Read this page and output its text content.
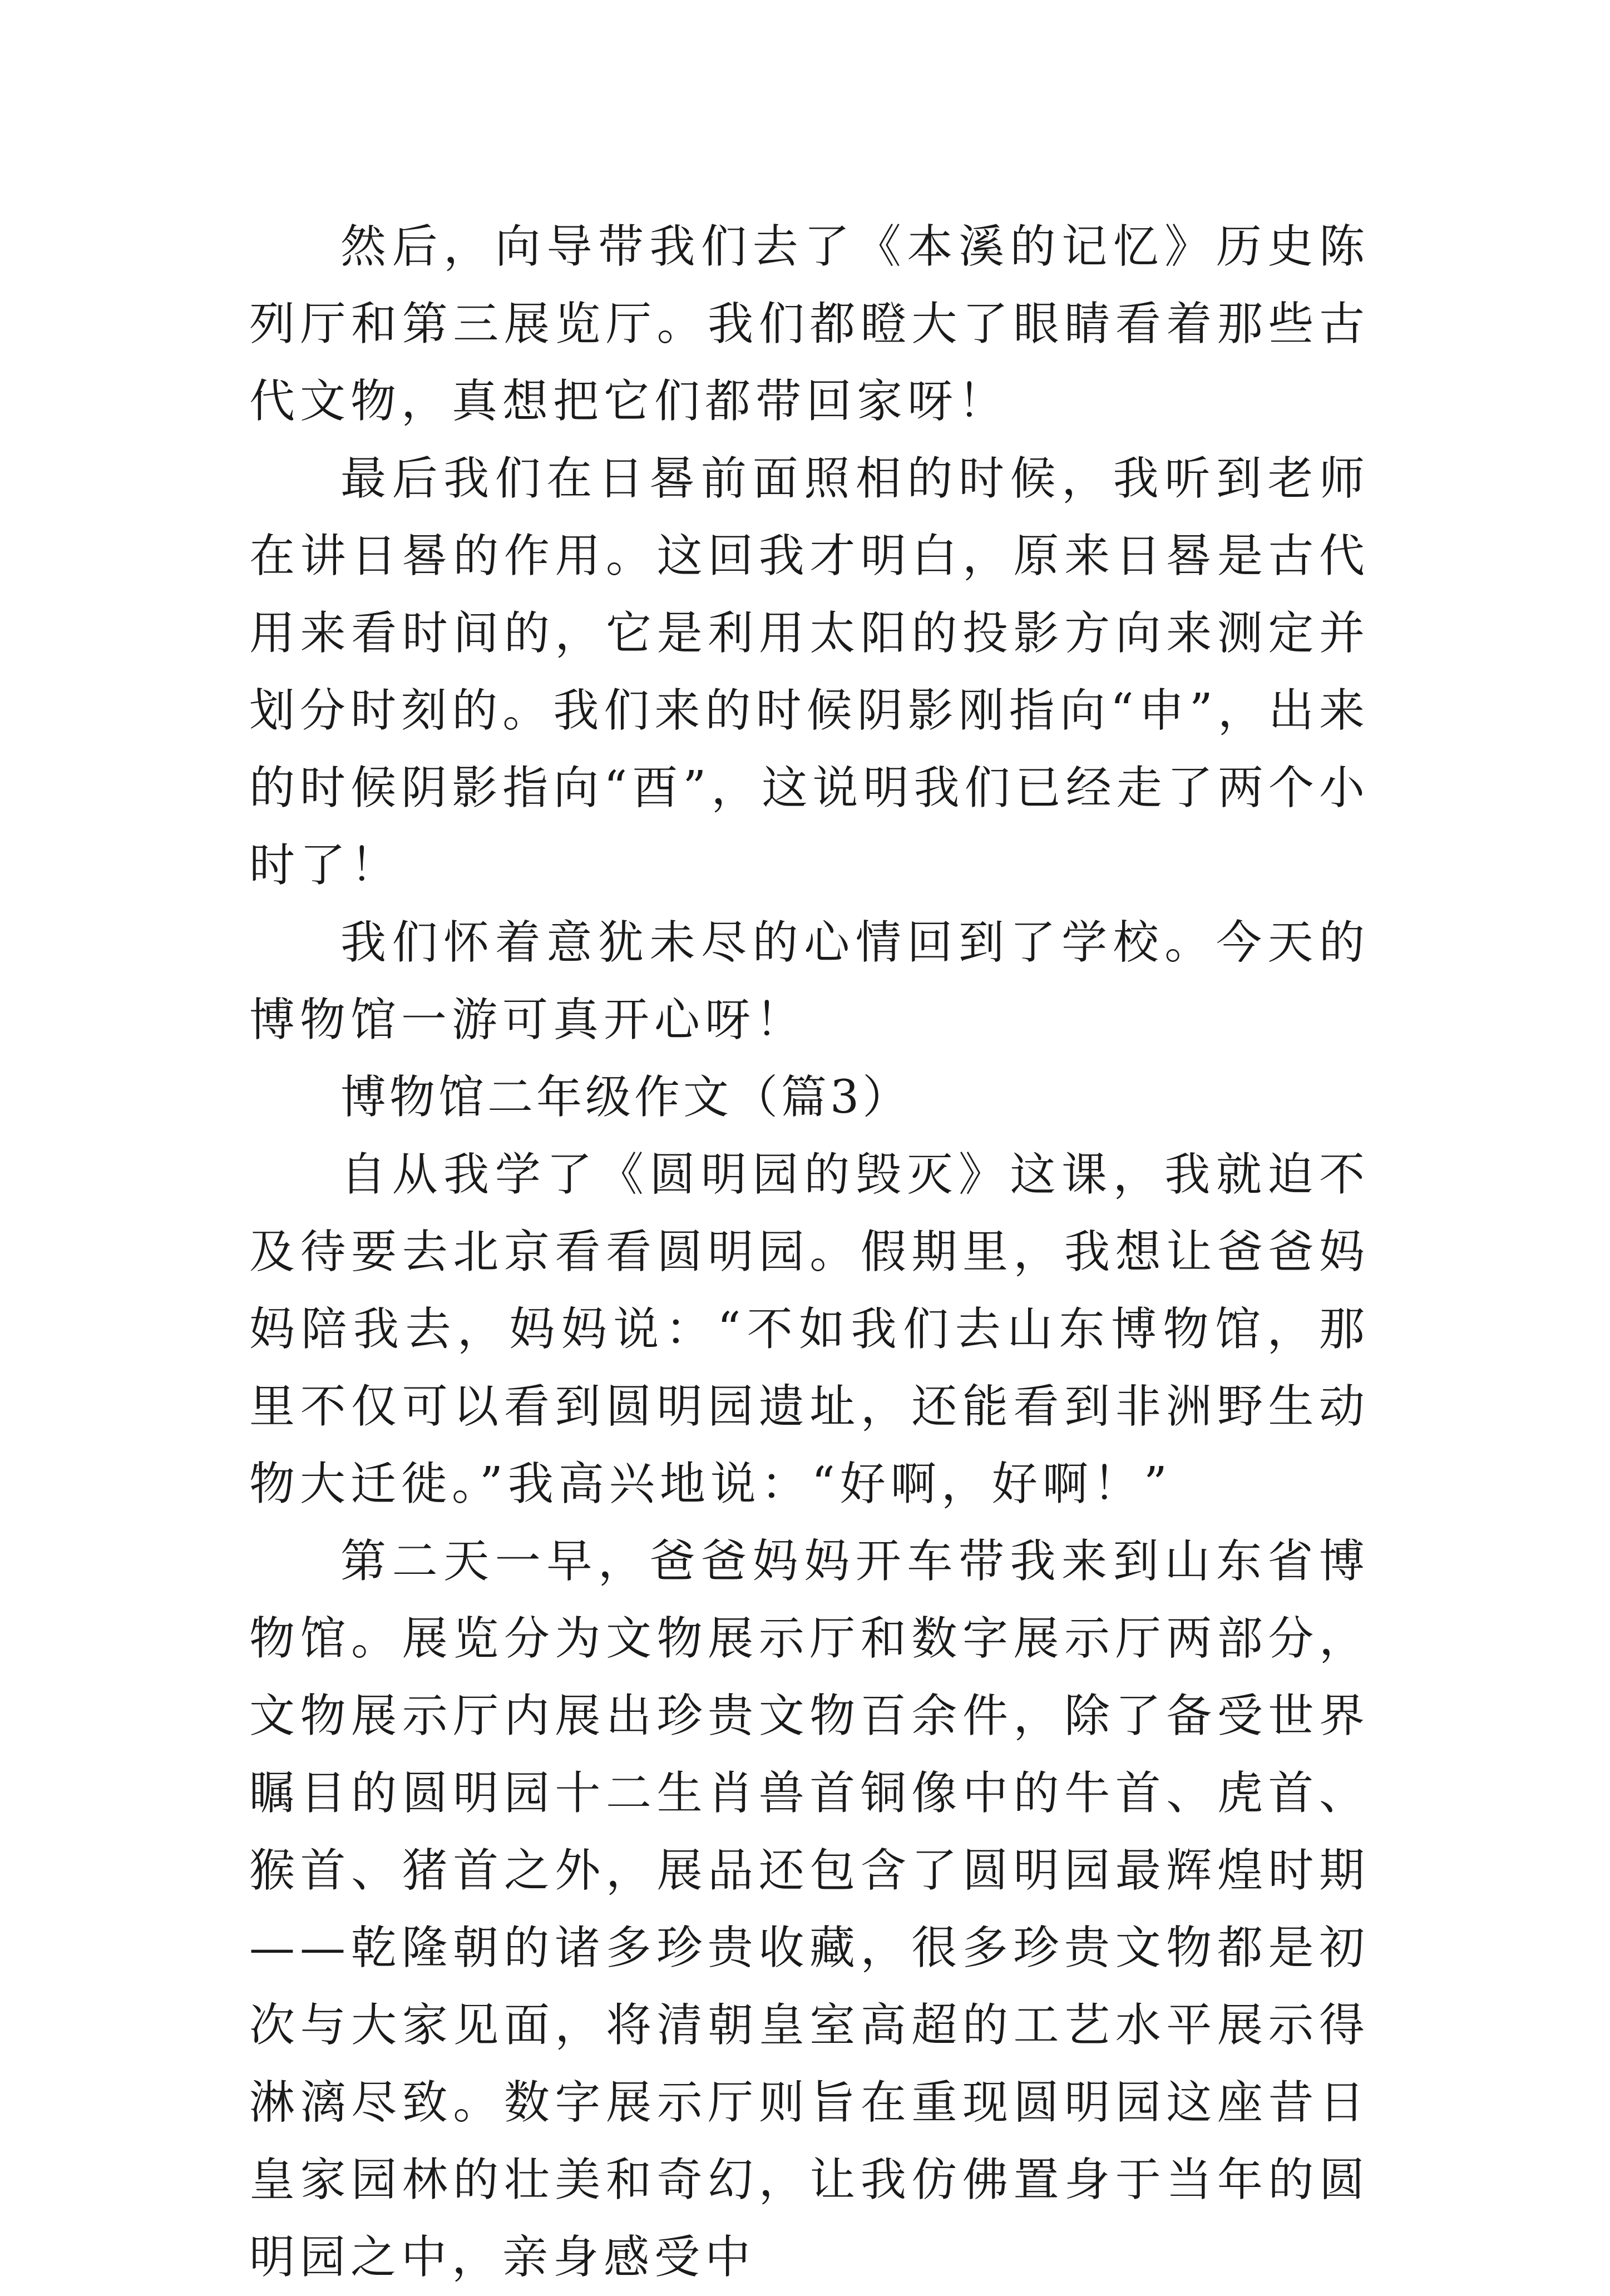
然后，向导带我们去了《本溪的记忆》历史陈列厅和第三展览厅。我们都瞪大了眼睛看着那些古代文物，真想把它们都带回家呀！

最后我们在日晷前面照相的时候，我听到老师在讲日晷的作用。这回我才明白，原来日晷是古代用来看时间的，它是利用太阳的投影方向来测定并划分时刻的。我们来的时候阴影刚指向“申”，出来的时候阴影指向“酉”，这说明我们已经走了两个小时了！

我们怀着意犹未尽的心情回到了学校。今天的博物馆一游可真开心呀！

博物馆二年级作文（篇3）

自从我学了《圆明园的毁灭》这课，我就迫不及待要去北京看看圆明园。假期里，我想让爸爸妈妈陪我去，妈妈说：“不如我们去山东博物馆，那里不仅可以看到圆明园遗址，还能看到非洲野生动物大迁徙。”我高兴地说：“好啊，好啊！”

第二天一早，爸爸妈妈开车带我来到山东省博物馆。展览分为文物展示厅和数字展示厅两部分，文物展示厅内展出珍贵文物百余件，除了备受世界瞩目的圆明园十二生肖兽首铜像中的牛首、虎首、猴首、猪首之外，展品还包含了圆明园最辉煌时期——乾隆朝的诸多珍贵收藏，很多珍贵文物都是初次与大家见面，将清朝皇室高超的工艺水平展示得淋漓尽致。数字展示厅则旨在重现圆明园这座昔日皇家园林的壮美和奇幻，让我仿佛置身于当年的圆明园之中，亲身感受中
